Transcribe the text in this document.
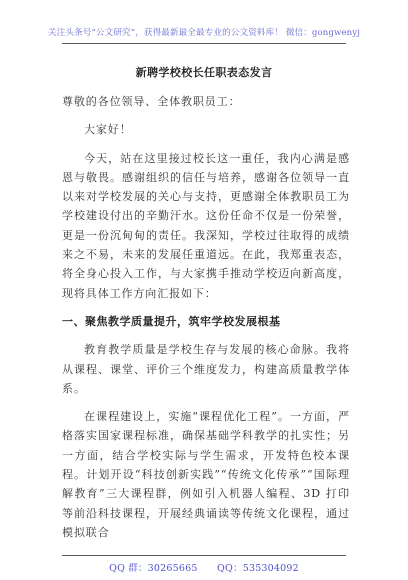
关注头条号“公文研究”，获得最新最全最专业的公文资料库！ 微信：gongwenyj
新聘学校校长任职表态发言

尊敬的各位领导、全体教职员工：

大家好！

今天，站在这里接过校长这一重任，我内心满是感恩与敬畏。感谢组织的信任与培养，感谢各位领导一直以来对学校发展的关心与支持，更感谢全体教职员工为学校建设付出的辛勤汗水。这份任命不仅是一份荣誉，更是一份沉甸甸的责任。我深知，学校过往取得的成绩来之不易，未来的发展任重道远。在此，我郑重表态，将全身心投入工作，与大家携手推动学校迈向新高度，现将具体工作方向汇报如下：

一、聚焦教学质量提升，筑牢学校发展根基

教育教学质量是学校生存与发展的核心命脉。我将从课程、课堂、评价三个维度发力，构建高质量教学体系。

在课程建设上，实施“课程优化工程”。一方面，严格落实国家课程标准，确保基础学科教学的扎实性；另一方面，结合学校实际与学生需求，开发特色校本课程。计划开设“科技创新实践”“传统文化传承”“国际理解教育”三大课程群，例如引入机器人编程、3D 打印等前沿科技课程，开展经典诵读等传统文化课程，通过模拟联合

QQ 群：30265665　　QQ：535304092
